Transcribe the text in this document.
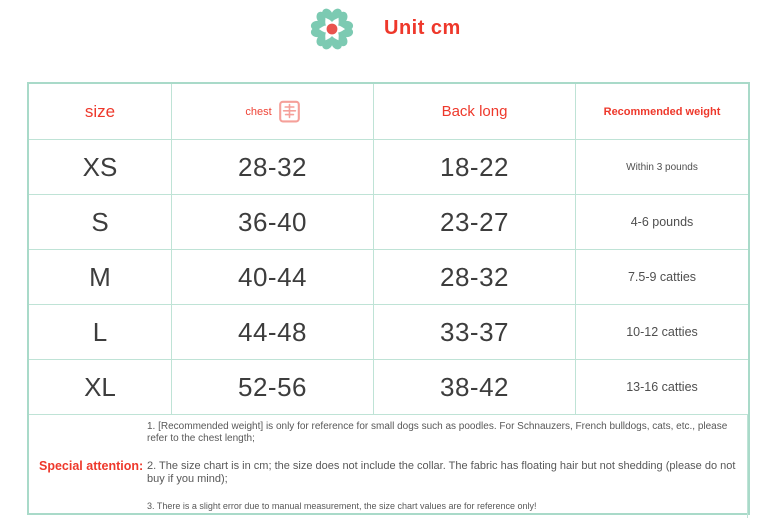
Unit cm
size	chest	Back long	Recommended weight
XS	28-32	18-22	Within 3 pounds
S	36-40	23-27	4-6 pounds
M	40-44	28-32	7.5-9 catties
L	44-48	33-37	10-12 catties
XL	52-56	38-42	13-16 catties
Special attention:
1. [Recommended weight] is only for reference for small dogs such as poodles. For Schnauzers, French bulldogs, cats, etc., please refer to the chest length;
2. The size chart is in cm; the size does not include the collar. The fabric has floating hair but not shedding (please do not buy if you mind);
3. There is a slight error due to manual measurement, the size chart values are for reference only!
